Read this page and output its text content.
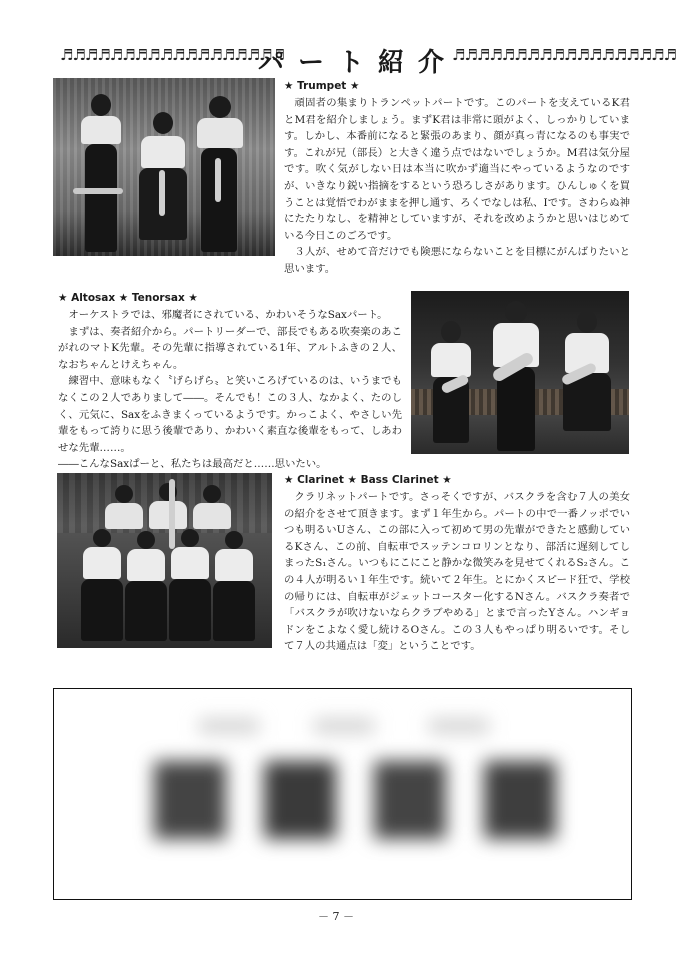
♬♬♬♬♬♬♬♬♬♬♬♬♬♬♬♬♬♬
パート紹介
♬♬♬♬♬♬♬♬♬♬♬♬♬♬♬♬♬♬
★ Trumpet ★

頑固者の集まりトランペットパートです。このパートを支えているK君とM君を紹介しましょう。まずK君は非常に頭がよく、しっかりしています。しかし、本番前になると緊張のあまり、顔が真っ青になるのも事実です。これが兄（部長）と大きく違う点ではないでしょうか。M君は気分屋です。吹く気がしない日は本当に吹かず適当にやっているようなのですが、いきなり鋭い指摘をするという恐ろしさがあります。ひんしゅくを買うことは覚悟でわがままを押し通す、ろくでなしは私、Iです。さわらぬ神にたたりなし、を精神としていますが、それを改めようかと思いはじめている今日このごろです。

３人が、せめて音だけでも険悪にならないことを目標にがんばりたいと思います。

★ Altosax ★ Tenorsax ★

オーケストラでは、邪魔者にされている、かわいそうなSaxパート。

まずは、奏者紹介から。パートリーダーで、部長でもある吹奏楽のあこがれのマトK先輩。その先輩に指導されている1年、アルトふきの２人、なおちゃんとけえちゃん。

練習中、意味もなく〝げらげら〟と笑いころげているのは、いうまでもなくこの２人でありまして――。そんでも！この３人、なかよく、たのしく、元気に、Saxをふきまくっているようです。かっこよく、やさしい先輩をもって誇りに思う後輩であり、かわいく素直な後輩をもって、しあわせな先輩……。

――こんなSaxぱーと、私たちは最高だと……思いたい。

★ Clarinet ★ Bass Clarinet ★

クラリネットパートです。さっそくですが、バスクラを含む７人の美女の紹介をさせて頂きます。まず１年生から。パートの中で一番ノッポでいつも明るいUさん、この部に入って初めて男の先輩ができたと感動しているKさん、この前、自転車でスッテンコロリンとなり、部活に遅刻してしまったS₁さん。いつもにこにこと静かな微笑みを見せてくれるS₂さん。この４人が明るい１年生です。続いて２年生。とにかくスピード狂で、学校の帰りには、自転車がジェットコースター化するNさん。バスクラ奏者で「バスクラが吹けないならクラブやめる」とまで言ったYさん。ハンギョドンをこよなく愛し続けるOさん。この３人もやっぱり明るいです。そして７人の共通点は「変」ということです。

－ 7 －
